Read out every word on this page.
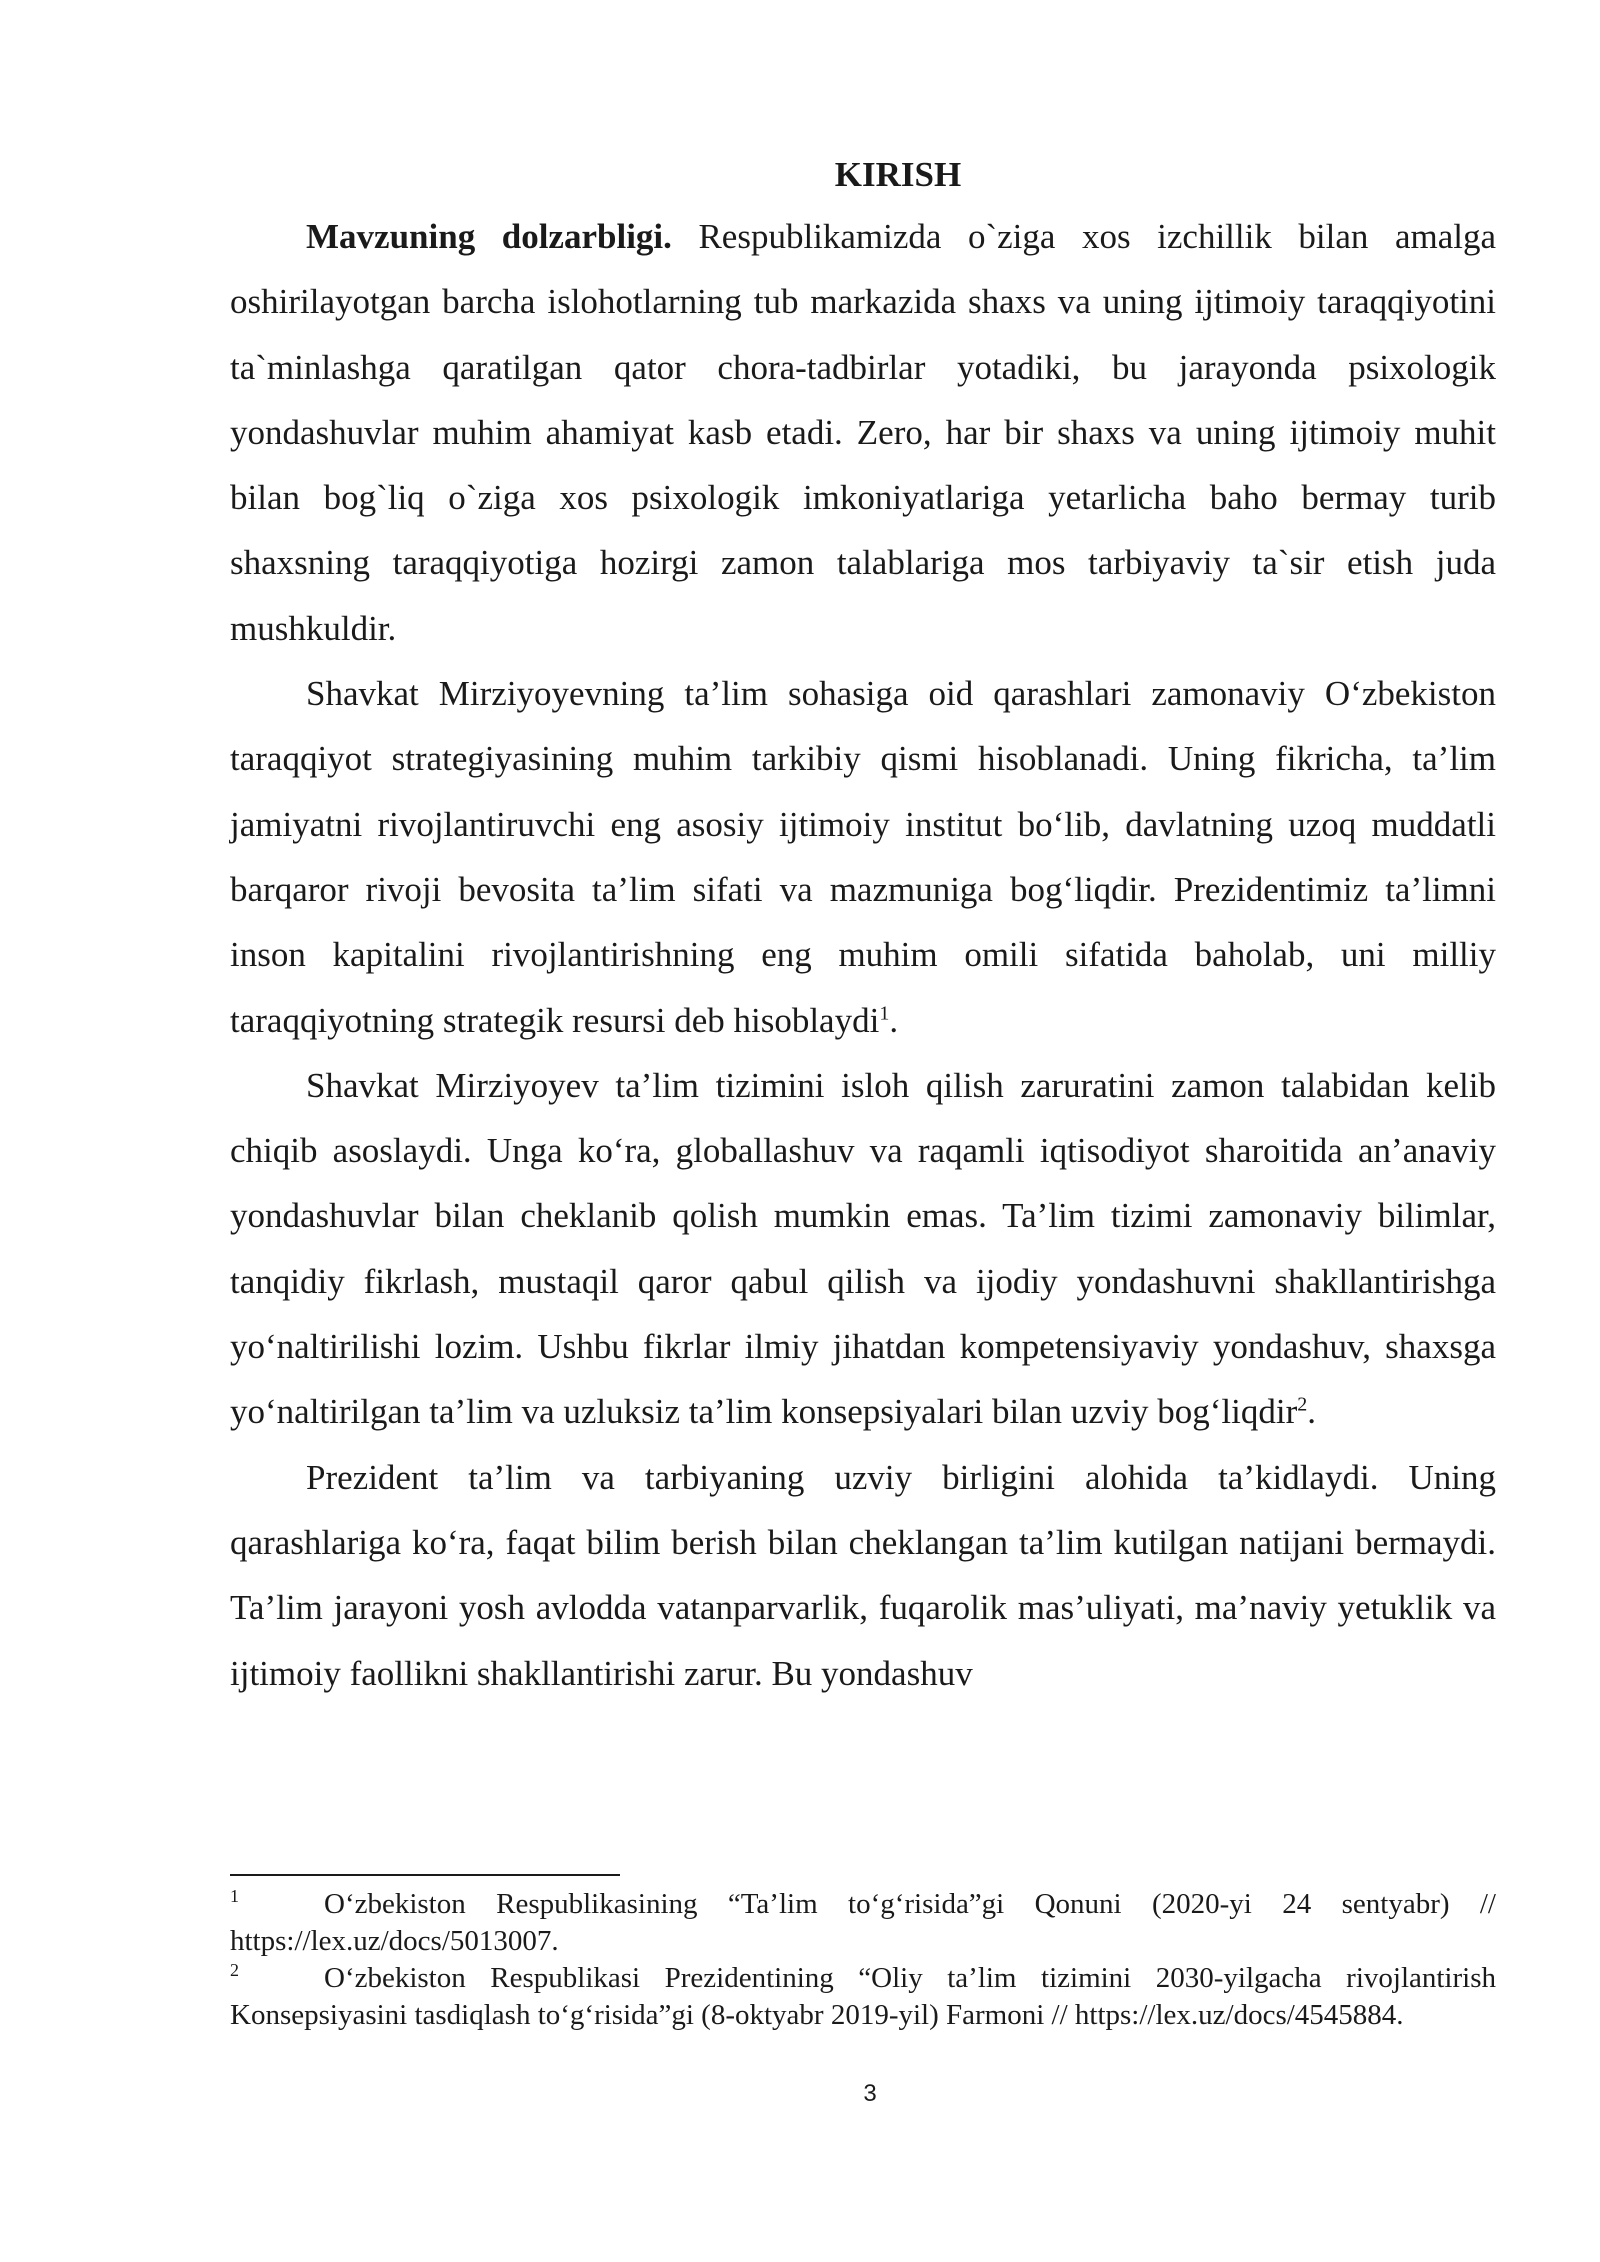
KIRISH

Mavzuning dolzarbligi. Respublikamizda o`ziga xos izchillik bilan amalga oshirilayotgan barcha islohotlarning tub markazida shaxs va uning ijtimoiy taraqqiyotini ta`minlashga qaratilgan qator chora-tadbirlar yotadiki, bu jarayonda psixologik yondashuvlar muhim ahamiyat kasb etadi. Zero, har bir shaxs va uning ijtimoiy muhit bilan bog`liq o`ziga xos psixologik imkoniyatlariga yetarlicha baho bermay turib shaxsning taraqqiyotiga hozirgi zamon talablariga mos tarbiyaviy ta`sir etish juda mushkuldir.

Shavkat Mirziyoyevning ta’lim sohasiga oid qarashlari zamonaviy O‘zbekiston taraqqiyot strategiyasining muhim tarkibiy qismi hisoblanadi. Uning fikricha, ta’lim jamiyatni rivojlantiruvchi eng asosiy ijtimoiy institut bo‘lib, davlatning uzoq muddatli barqaror rivoji bevosita ta’lim sifati va mazmuniga bog‘liqdir. Prezidentimiz ta’limni inson kapitalini rivojlantirishning eng muhim omili sifatida baholab, uni milliy taraqqiyotning strategik resursi deb hisoblaydi$^1$.

Shavkat Mirziyoyev ta’lim tizimini isloh qilish zaruratini zamon talabidan kelib chiqib asoslaydi. Unga ko‘ra, globallashuv va raqamli iqtisodiyot sharoitida an’anaviy yondashuvlar bilan cheklanib qolish mumkin emas. Ta’lim tizimi zamonaviy bilimlar, tanqidiy fikrlash, mustaqil qaror qabul qilish va ijodiy yondashuvni shakllantirishga yo‘naltirilishi lozim. Ushbu fikrlar ilmiy jihatdan kompetensiyaviy yondashuv, shaxsga yo‘naltirilgan ta’lim va uzluksiz ta’lim konsepsiyalari bilan uzviy bog‘liqdir$^2$.

Prezident ta’lim va tarbiyaning uzviy birligini alohida ta’kidlaydi. Uning qarashlariga ko‘ra, faqat bilim berish bilan cheklangan ta’lim kutilgan natijani bermaydi. Ta’lim jarayoni yosh avlodda vatanparvarlik, fuqarolik mas’uliyati, ma’naviy yetuklik va ijtimoiy faollikni shakllantirishi zarur. Bu yondashuv

1	O‘zbekiston Respublikasining “Ta’lim to‘g‘risida”gi Qonuni (2020-yi 24 sentyabr) // https://lex.uz/docs/5013007.

2	O‘zbekiston Respublikasi Prezidentining “Oliy ta’lim tizimini 2030-yilgacha rivojlantirish Konsepsiyasini tasdiqlash to‘g‘risida”gi (8-oktyabr 2019-yil) Farmoni // https://lex.uz/docs/4545884.

3
